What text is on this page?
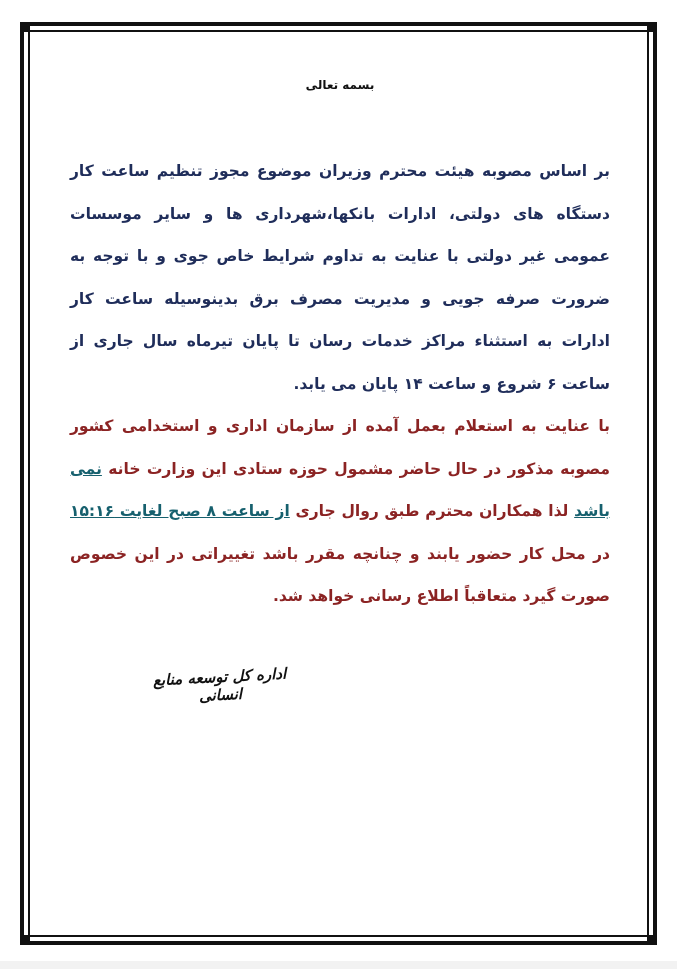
بسمه تعالی
بر اساس مصوبه هیئت محترم وزیران موضوع مجوز تنظیم ساعت کار دستگاه های دولتی، ادارات بانکها،شهرداری ها و سایر موسسات عمومی غیر دولتی با عنایت به تداوم شرایط خاص جوی و با توجه به ضرورت صرفه جویی و مدیریت مصرف برق بدینوسیله ساعت کار ادارات به استثناء مراکز خدمات رسان تا پایان تیرماه سال جاری از ساعت ۶ شروع و ساعت ۱۴ پایان می یابد.
با عنایت به استعلام بعمل آمده از سازمان اداری و استخدامی کشور مصوبه مذکور در حال حاضر مشمول حوزه ستادی این وزارت خانه نمی باشد لذا همکاران محترم طبق روال جاری از ساعت ۸ صبح لغایت ۱۵:۱۶ در محل کار حضور یابند و چنانچه مقرر باشد تغییراتی در این خصوص صورت گیرد متعاقباً اطلاع رسانی خواهد شد.
اداره کل توسعه منابع انسانی
